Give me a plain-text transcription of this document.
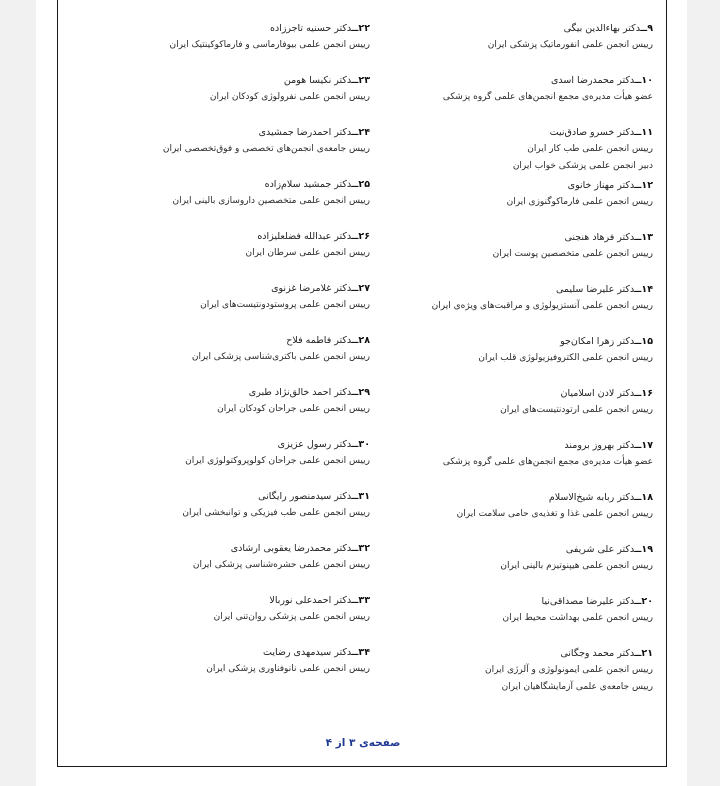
۹ــدکتر بهاءالدین بیگی
رییس انجمن علمی انفورماتیک پزشکی ایران
۱۰ــدکتر محمدرضا اسدی
عضو هیأت مدیره‌ی مجمع انجمن‌های علمی گروه پزشکی
۱۱ــدکتر خسرو صادق‌نیت
رییس انجمن علمی طب کار ایران
دبیر انجمن علمی پزشکی خواب ایران
۱۲ــدکتر مهناز خانوی
رییس انجمن علمی فارماکوگنوزی ایران
۱۳ــدکتر فرهاد هنجنی
رییس انجمن علمی متخصصین پوست ایران
۱۴ــدکتر علیرضا سلیمی
رییس انجمن علمی آنستزیولوژی و مراقبت‌های ویژه‌ی ایران
۱۵ــدکتر زهرا امکان‌جو
رییس انجمن علمی الکتروفیزیولوژی قلب ایران
۱۶ــدکتر لادن اسلامیان
رییس انجمن علمی ارتودنتیست‌های ایران
۱۷ــدکتر بهروز برومند
عضو هیأت مدیره‌ی مجمع انجمن‌های علمی گروه پزشکی
۱۸ــدکتر ربابه شیخ‌الاسلام
رییس انجمن علمی غذا و تغذیه‌ی حامی سلامت ایران
۱۹ــدکتر علی شریفی
رییس انجمن علمی هیپنوتیزم بالینی ایران
۲۰ــدکتر علیرضا مصداقی‌نیا
رییس انجمن علمی بهداشت محیط ایران
۲۱ــدکتر محمد وجگانی
رییس انجمن علمی ایمونولوژی و آلرژی ایران
رییس جامعه‌ی علمی آزمایشگاهیان ایران
۲۲ــدکتر حسنیه تاجرزاده
رییس انجمن علمی بیوفارماسی و فارماکوکینتیک ایران
۲۳ــدکتر نکیسا هومن
رییس انجمن علمی نفرولوژی کودکان ایران
۲۴ــدکتر احمدرضا جمشیدی
رییس جامعه‌ی انجمن‌های تخصصی و فوق‌تخصصی ایران
۲۵ــدکتر جمشید سلام‌زاده
رییس انجمن علمی متخصصین داروسازی بالینی ایران
۲۶ــدکتر عبدالله فضلعلیزاده
رییس انجمن علمی سرطان ایران
۲۷ــدکتر غلامرضا غزنوی
رییس انجمن علمی پروستودونتیست‌های ایران
۲۸ــدکتر فاطمه فلاح
رییس انجمن علمی باکتری‌شناسی پزشکی ایران
۲۹ــدکتر احمد خالق‌نژاد طبری
رییس انجمن علمی جراحان کودکان ایران
۳۰ــدکتر رسول عزیزی
رییس انجمن علمی جراحان کولوپروکتولوژی ایران
۳۱ــدکتر سیدمنصور رایگانی
رییس انجمن علمی طب فیزیکی و توانبخشی ایران
۳۲ــدکتر محمدرضا یعقوبی ارشادی
رییس انجمن علمی حشره‌شناسی پزشکی ایران
۳۳ــدکتر احمدعلی نوربالا
رییس انجمن علمی پزشکی روان‌تنی ایران
۳۴ــدکتر سیدمهدی رضایت
رییس انجمن علمی نانوفناوری پزشکی ایران
صفحه‌ی ۳ از ۴
